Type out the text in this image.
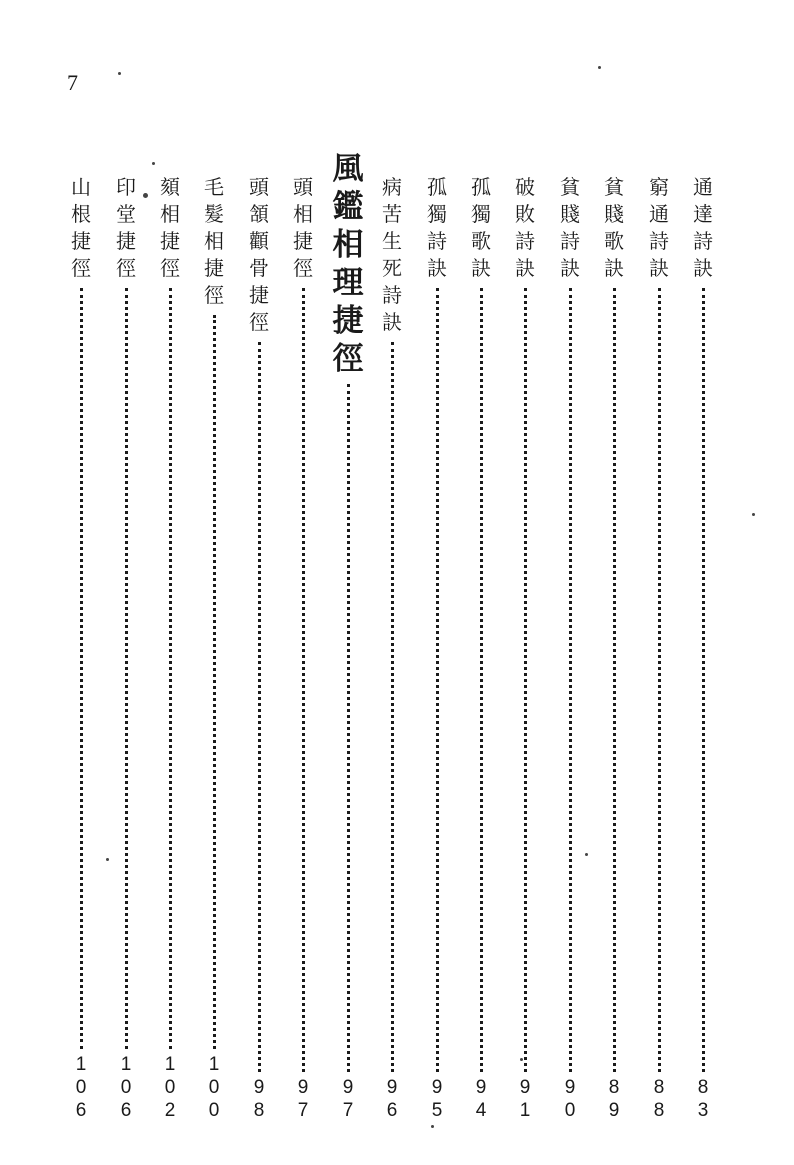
7
通
達
詩
訣
8
3
窮
通
詩
訣
8
8
貧
賤
歌
訣
8
9
貧
賤
詩
訣
9
0
破
敗
詩
訣
9
1
孤
獨
歌
訣
9
4
孤
獨
詩
訣
9
5
病
苦
生
死
詩
訣
9
6
風
鑑
相
理
捷
徑
9
7
頭
相
捷
徑
9
7
頭
頷
顴
骨
捷
徑
9
8
毛
髮
相
捷
徑
1
0
0
頦
相
捷
徑
1
0
2
印
堂
捷
徑
1
0
6
山
根
捷
徑
1
0
6
